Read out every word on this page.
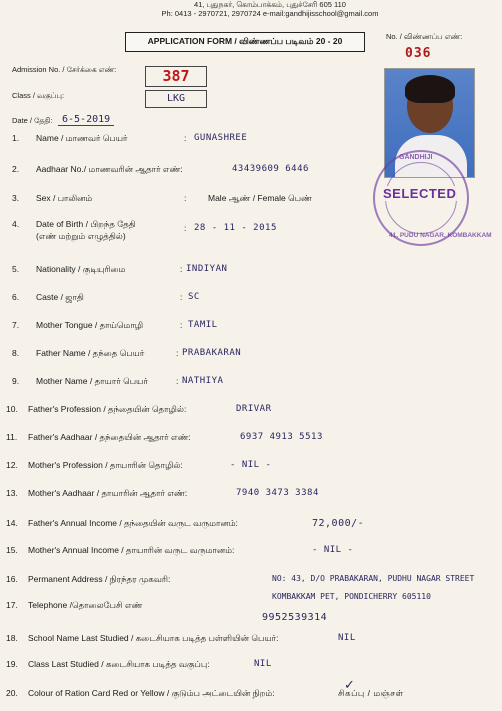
41, புதுநகர், கொம்பாக்கம், புதுச்சேரி 605 110
Ph: 0413 - 2970721, 2970724 e-mail:gandhijisschool@gmail.com
APPLICATION FORM / விண்ணப்ப படிவம் 20 - 20	No. / விண்ணப்ப எண்:
036
GANDHIJI
SELECTED
41, PUDU NAGAR, KOMBAKKAM
Admission No. / சேர்க்கை எண்:	387
Class / வகுப்பு:	LKG
Date / தேதி: 6-5-2019
1. Name / மாணவர் பெயர்	: GUNASHREE
2. Aadhaar No./ மாணவரின் ஆதார் எண்:	43439609 6446
3. Sex / பாலினம்	:	Male ஆண் / Female பெண்
4. Date of Birth / பிறந்த தேதி
(எண் மற்றும் எழுத்தில்)
: 28 - 11 - 2015
5. Nationality / குடியுரிமை	: INDIYAN
6. Caste / ஜாதி	: SC
7. Mother Tongue / தாய்மொழி	: TAMIL
8. Father Name / தந்தை பெயர்	: PRABAKARAN
9. Mother Name / தாயார் பெயர்	: NATHIYA
10. Father's Profession / தந்தையின் தொழில்:	DRIVAR
11. Father's Aadhaar / தந்தையின் ஆதார் எண்:	6937 4913 5513
12. Mother's Profession / தாயாரின் தொழில்:	- NIL -
13. Mother's Aadhaar / தாயாரின் ஆதார் எண்:	7940 3473 3384
14. Father's Annual Income / தந்தையின் வருட வருமானம்:	72,000/-
15. Mother's Annual Income / தாயாரின் வருட வருமானம்:	- NIL -
16. Permanent Address / நிரந்தர முகவரி:	NO: 43, D/O PRABAKARAN, PUDHU NAGAR STREET
KOMBAKKAM PET, PONDICHERRY 605110
17. Telephone /தொலைபேசி எண்
9952539314
18. School Name Last Studied / கடைசியாக படித்த பள்ளியின் பெயர்:	NIL
19. Class Last Studied / கடைசியாக படித்த வகுப்பு:	NIL
20. Colour of Ration Card Red or Yellow / குடும்ப அட்டையின் நிறம்:	சிகப்பு / மஞ்சள்
✓
